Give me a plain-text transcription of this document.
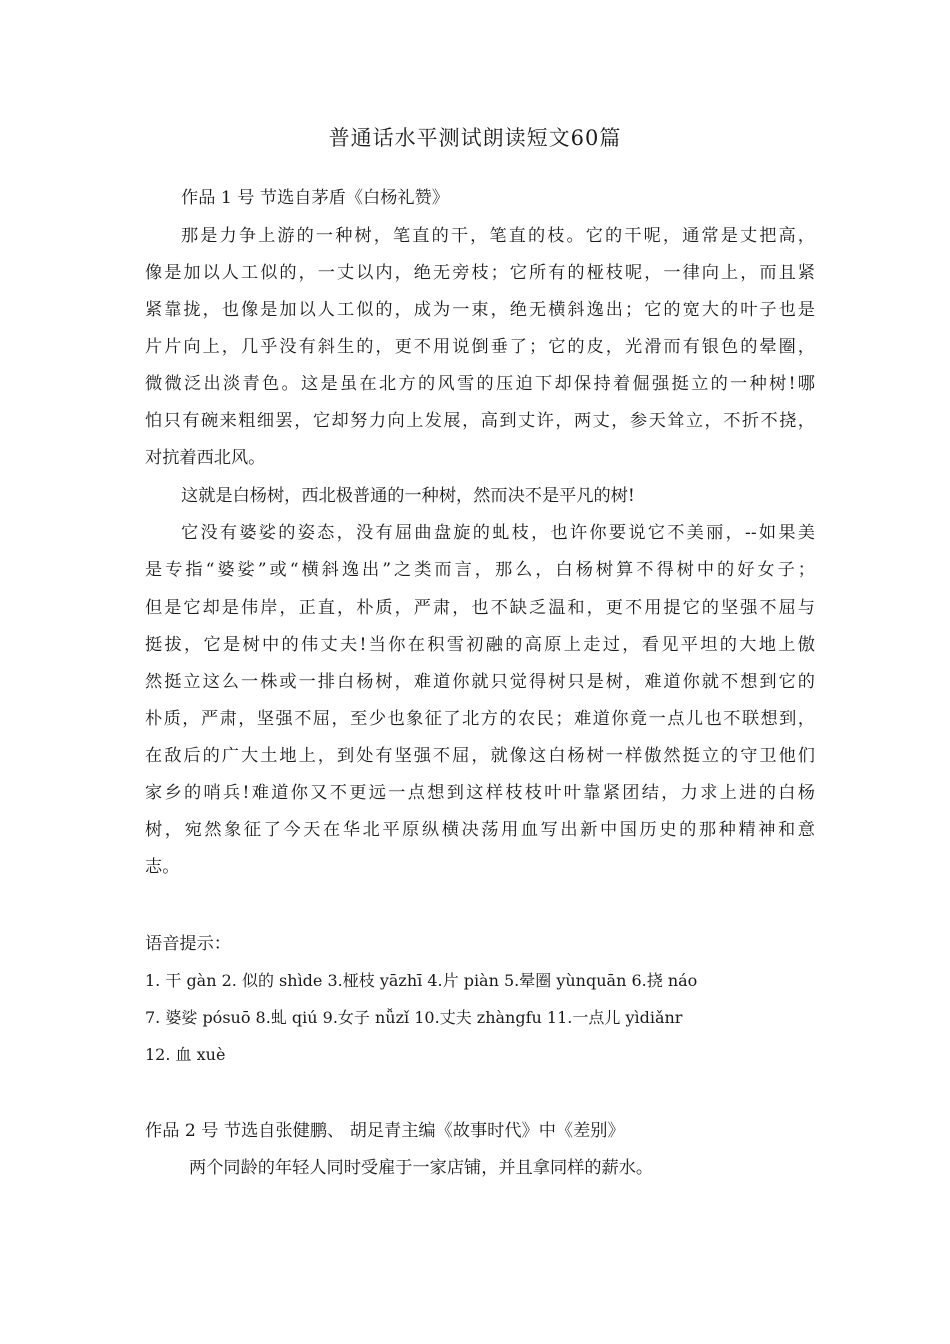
普通话水平测试朗读短文60篇
作品 1 号 节选自茅盾《白杨礼赞》
那是力争上游的一种树，笔直的干，笔直的枝。它的干呢，通常是丈把高，
像是加以人工似的，一丈以内，绝无旁枝；它所有的桠枝呢，一律向上，而且紧
紧靠拢，也像是加以人工似的，成为一束，绝无横斜逸出；它的宽大的叶子也是
片片向上，几乎没有斜生的，更不用说倒垂了；它的皮，光滑而有银色的晕圈，
微微泛出淡青色。这是虽在北方的风雪的压迫下却保持着倔强挺立的一种树!哪
怕只有碗来粗细罢，它却努力向上发展，高到丈许，两丈，参天耸立，不折不挠，
对抗着西北风。
这就是白杨树，西北极普通的一种树，然而决不是平凡的树!
它没有婆娑的姿态，没有屈曲盘旋的虬枝，也许你要说它不美丽，--如果美
是专指“婆娑”或“横斜逸出”之类而言，那么，白杨树算不得树中的好女子；
但是它却是伟岸，正直，朴质，严肃，也不缺乏温和，更不用提它的坚强不屈与
挺拔，它是树中的伟丈夫!当你在积雪初融的高原上走过，看见平坦的大地上傲
然挺立这么一株或一排白杨树，难道你就只觉得树只是树，难道你就不想到它的
朴质，严肃，坚强不屈，至少也象征了北方的农民；难道你竟一点儿也不联想到，
在敌后的广大土地上，到处有坚强不屈，就像这白杨树一样傲然挺立的守卫他们
家乡的哨兵!难道你又不更远一点想到这样枝枝叶叶靠紧团结，力求上进的白杨
树，宛然象征了今天在华北平原纵横决荡用血写出新中国历史的那种精神和意
志。
语音提示：
1. 干 gàn 2. 似的 shìde 3.桠枝 yāzhī 4.片 piàn 5.晕圈 yùnquān 6.挠 náo
7. 婆娑 pósuō 8.虬 qiú 9.女子 nǚzǐ 10.丈夫 zhàngfu 11.一点儿 yìdiǎnr
12. 血 xuè
作品 2 号 节选自张健鹏、 胡足青主编《故事时代》中《差别》
两个同龄的年轻人同时受雇于一家店铺，并且拿同样的薪水。
